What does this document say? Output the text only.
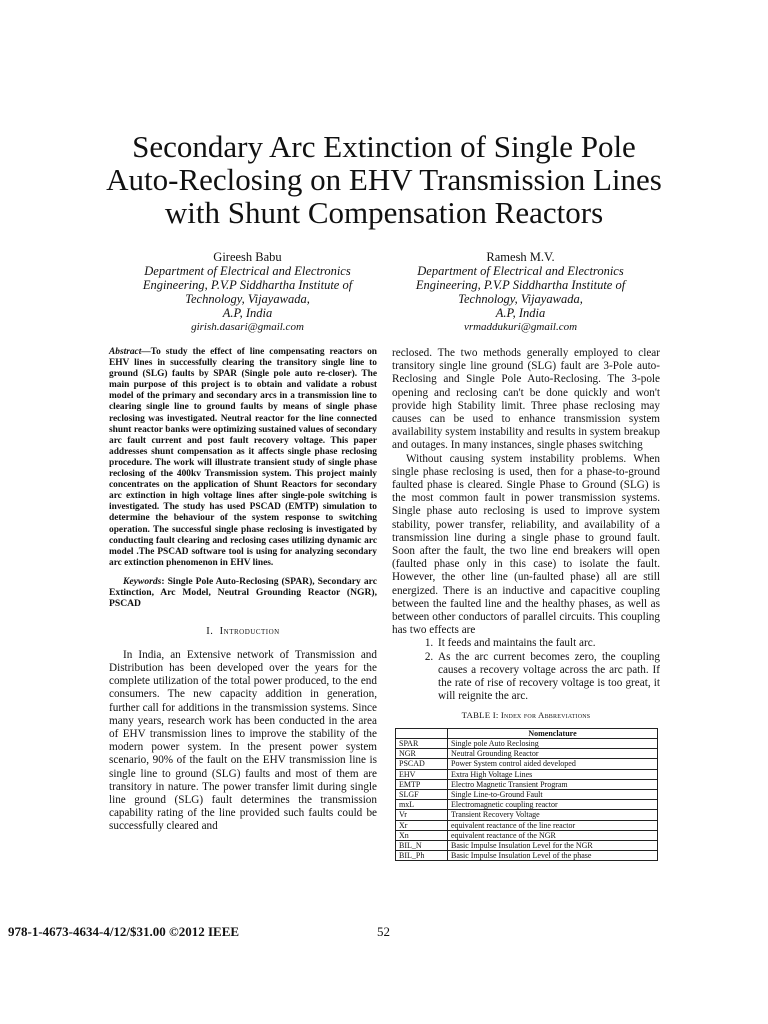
Secondary Arc Extinction of Single Pole
Auto-Reclosing on EHV Transmission Lines
with Shunt Compensation Reactors
Gireesh Babu
Department of Electrical and Electronics
Engineering, P.V.P Siddhartha Institute of
Technology, Vijayawada,
A.P, India
girish.dasari@gmail.com
Ramesh M.V.
Department of Electrical and Electronics
Engineering, P.V.P Siddhartha Institute of
Technology, Vijayawada,
A.P, India
vrmaddukuri@gmail.com

Abstract—To study the effect of line compensating reactors on EHV lines in successfully clearing the transitory single line to ground (SLG) faults by SPAR (Single pole auto re-closer). The main purpose of this project is to obtain and validate a robust model of the primary and secondary arcs in a transmission line to clearing single line to ground faults by means of single phase reclosing was investigated. Neutral reactor for the line connected shunt reactor banks were optimizing sustained values of secondary arc fault current and post fault recovery voltage. This paper addresses shunt compensation as it affects single phase reclosing procedure. The work will illustrate transient study of single phase reclosing of the 400kv Transmission system. This project mainly concentrates on the application of Shunt Reactors for secondary arc extinction in high voltage lines after single-pole switching is investigated. The study has used PSCAD (EMTP) simulation to determine the behaviour of the system response to switching operation. The successful single phase reclosing is investigated by conducting fault clearing and reclosing cases utilizing dynamic arc model .The PSCAD software tool is using for analyzing secondary arc extinction phenomenon in EHV lines.

Keywords: Single Pole Auto-Reclosing (SPAR), Secondary arc Extinction, Arc Model, Neutral Grounding Reactor (NGR), PSCAD

I. Introduction

In India, an Extensive network of Transmission and Distribution has been developed over the years for the complete utilization of the total power produced, to the end consumers. The new capacity addition in generation, further call for additions in the transmission systems. Since many years, research work has been conducted in the area of EHV transmission lines to improve the stability of the modern power system. In the present power system scenario, 90% of the fault on the EHV transmission line is single line to ground (SLG) faults and most of them are transitory in nature. The power transfer limit during single line ground (SLG) fault determines the transmission capability rating of the line provided such faults could be successfully cleared and

reclosed. The two methods generally employed to clear transitory single line ground (SLG) fault are 3-Pole auto-Reclosing and Single Pole Auto-Reclosing. The 3-pole opening and reclosing can't be done quickly and won't provide high Stability limit. Three phase reclosing may causes can be used to enhance transmission system availability system instability and results in system breakup and outages. In many instances, single phases switching

Without causing system instability problems. When single phase reclosing is used, then for a phase-to-ground faulted phase is cleared. Single Phase to Ground (SLG) is the most common fault in power transmission systems. Single phase auto reclosing is used to improve system stability, power transfer, reliability, and availability of a transmission line during a single phase to ground fault. Soon after the fault, the two line end breakers will open (faulted phase only in this case) to isolate the fault. However, the other line (un-faulted phase) all are still energized. There is an inductive and capacitive coupling between the faulted line and the healthy phases, as well as between other conductors of parallel circuits. This coupling has two effects are

1. It feeds and maintains the fault arc.
2. As the arc current becomes zero, the coupling causes a recovery voltage across the arc path. If the rate of rise of recovery voltage is too great, it will reignite the arc.
TABLE I: Index for Abbreviations
	Nomenclature
SPAR	Single pole Auto Reclosing
NGR	Neutral Grounding Reactor
PSCAD	Power System control aided developed
EHV	Extra High Voltage Lines
EMTP	Electro Magnetic Transient Program
SLGF	Single Line-to-Ground Fault
mxL	Electromagnetic coupling reactor
Vr	Transient Recovery Voltage
Xr	equivalent reactance of the line reactor
Xn	equivalent reactance of the NGR
BIL_N	Basic Impulse Insulation Level for the NGR
BIL_Ph	Basic Impulse Insulation Level of the phase
978-1-4673-4634-4/12/$31.00 ©2012 IEEE	52
